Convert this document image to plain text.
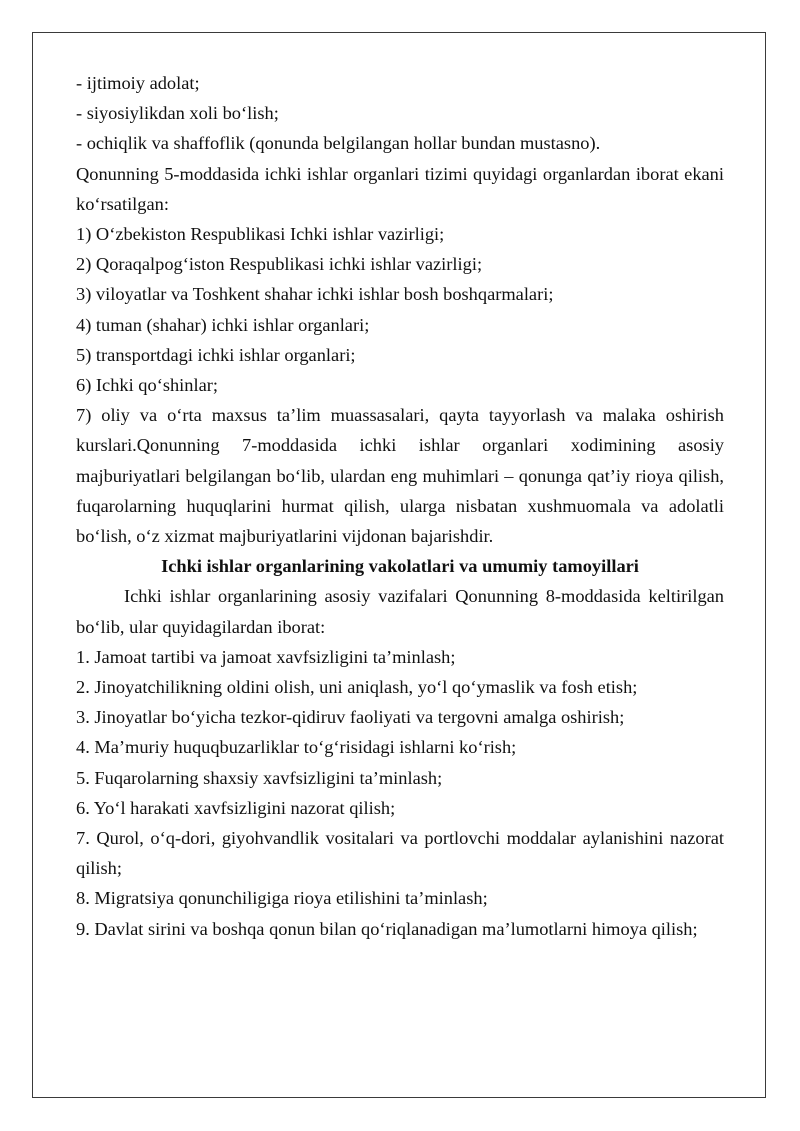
- ijtimoiy adolat;

- siyosiylikdan xoli bo‘lish;

- ochiqlik va shaffoflik (qonunda belgilangan hollar bundan mustasno).

Qonunning 5-moddasida ichki ishlar organlari tizimi quyidagi organlardan iborat ekani ko‘rsatilgan:

1) O‘zbekiston Respublikasi Ichki ishlar vazirligi;

2) Qoraqalpog‘iston Respublikasi ichki ishlar vazirligi;

3) viloyatlar va Toshkent shahar ichki ishlar bosh boshqarmalari;

4) tuman (shahar) ichki ishlar organlari;

5) transportdagi ichki ishlar organlari;

6) Ichki qo‘shinlar;

7) oliy va o‘rta maxsus ta’lim muassasalari, qayta tayyorlash va malaka oshirish kurslari.Qonunning 7-moddasida ichki ishlar organlari xodimining asosiy majburiyatlari belgilangan bo‘lib, ulardan eng muhimlari – qonunga qat’iy rioya qilish, fuqarolarning huquqlarini hurmat qilish, ularga nisbatan xushmuomala va adolatli bo‘lish, o‘z xizmat majburiyatlarini vijdonan bajarishdir.

Ichki ishlar organlarining vakolatlari va umumiy tamoyillari

Ichki ishlar organlarining asosiy vazifalari Qonunning 8-moddasida keltirilgan bo‘lib, ular quyidagilardan iborat:

1. Jamoat tartibi va jamoat xavfsizligini ta’minlash;

2. Jinoyatchilikning oldini olish, uni aniqlash, yo‘l qo‘ymaslik va fosh etish;

3. Jinoyatlar bo‘yicha tezkor-qidiruv faoliyati va tergovni amalga oshirish;

4. Ma’muriy huquqbuzarliklar to‘g‘risidagi ishlarni ko‘rish;

5. Fuqarolarning shaxsiy xavfsizligini ta’minlash;

6. Yo‘l harakati xavfsizligini nazorat qilish;

7. Qurol, o‘q-dori, giyohvandlik vositalari va portlovchi moddalar aylanishini nazorat qilish;

8. Migratsiya qonunchiligiga rioya etilishini ta’minlash;

9. Davlat sirini va boshqa qonun bilan qo‘riqlanadigan ma’lumotlarni himoya qilish;
